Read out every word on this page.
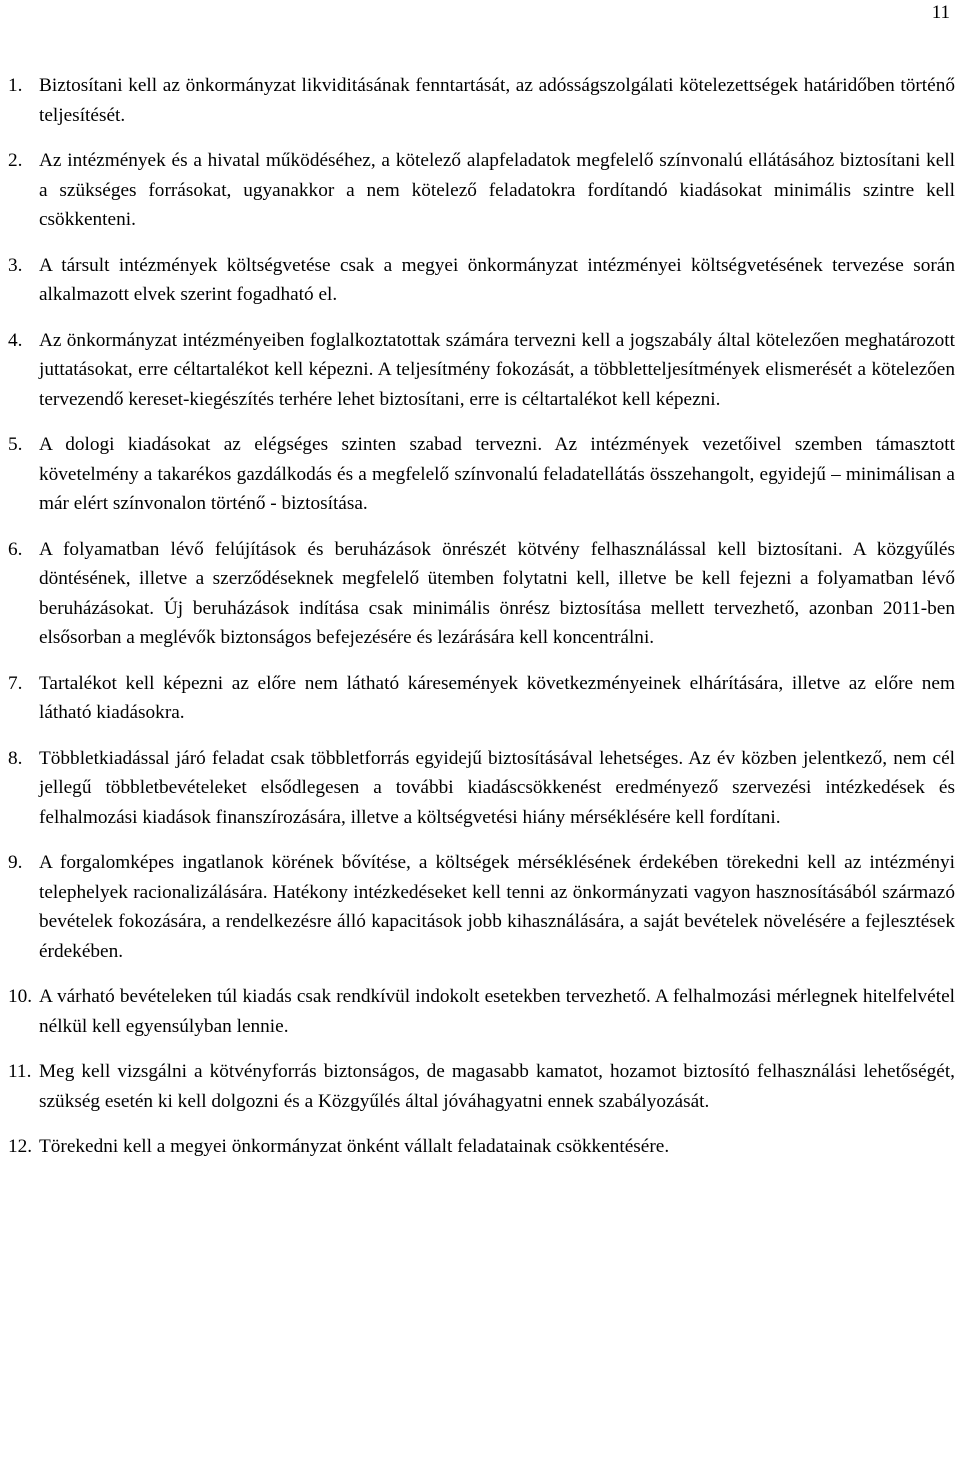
11
1. Biztosítani kell az önkormányzat likviditásának fenntartását, az adósságszolgálati kötelezettségek határidőben történő teljesítését.
2. Az intézmények és a hivatal működéséhez, a kötelező alapfeladatok megfelelő színvonalú ellátásához biztosítani kell a szükséges forrásokat, ugyanakkor a nem kötelező feladatokra fordítandó kiadásokat minimális szintre kell csökkenteni.
3. A társult intézmények költségvetése csak a megyei önkormányzat intézményei költségvetésének tervezése során alkalmazott elvek szerint fogadható el.
4. Az önkormányzat intézményeiben foglalkoztatottak számára tervezni kell a jogszabály által kötelezően meghatározott juttatásokat, erre céltartalékot kell képezni. A teljesítmény fokozását, a többletteljesítmények elismerését a kötelezően tervezendő kereset-kiegészítés terhére lehet biztosítani, erre is céltartalékot kell képezni.
5. A dologi kiadásokat az elégséges szinten szabad tervezni. Az intézmények vezetőivel szemben támasztott követelmény a takarékos gazdálkodás és a megfelelő színvonalú feladatellátás összehangolt, egyidejű – minimálisan a már elért színvonalon történő - biztosítása.
6. A folyamatban lévő felújítások és beruházások önrészét kötvény felhasználással kell biztosítani. A közgyűlés döntésének, illetve a szerződéseknek megfelelő ütemben folytatni kell, illetve be kell fejezni a folyamatban lévő beruházásokat. Új beruházások indítása csak minimális önrész biztosítása mellett tervezhető, azonban 2011-ben elsősorban a meglévők biztonságos befejezésére és lezárására kell koncentrálni.
7. Tartalékot kell képezni az előre nem látható káresemények következményeinek elhárítására, illetve az előre nem látható kiadásokra.
8. Többletkiadással járó feladat csak többletforrás egyidejű biztosításával lehetséges. Az év közben jelentkező, nem cél jellegű többletbevételeket elsődlegesen a további kiadáscsökkenést eredményező szervezési intézkedések és felhalmozási kiadások finanszírozására, illetve a költségvetési hiány mérséklésére kell fordítani.
9. A forgalomképes ingatlanok körének bővítése, a költségek mérséklésének érdekében törekedni kell az intézményi telephelyek racionalizálására. Hatékony intézkedéseket kell tenni az önkormányzati vagyon hasznosításából származó bevételek fokozására, a rendelkezésre álló kapacitások jobb kihasználására, a saját bevételek növelésére a fejlesztések érdekében.
10. A várható bevételeken túl kiadás csak rendkívül indokolt esetekben tervezhető. A felhalmozási mérlegnek hitelfelvétel nélkül kell egyensúlyban lennie.
11. Meg kell vizsgálni a kötvényforrás biztonságos, de magasabb kamatot, hozamot biztosító felhasználási lehetőségét, szükség esetén ki kell dolgozni és a Közgyűlés által jóváhagyatni ennek szabályozását.
12. Törekedni kell a megyei önkormányzat önként vállalt feladatainak csökkentésére.
